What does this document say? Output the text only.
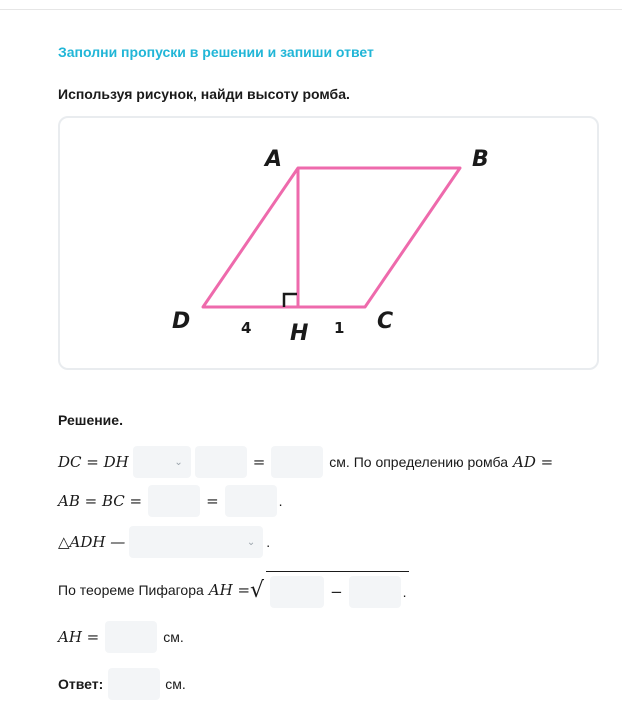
Заполни пропуски в решении и запиши ответ
Используя рисунок, найди высоту ромба.
A	B
D	H	C
4	1
Решение.
DC = DH	⌄	=	см. По определению ромба AD =
AB = BC =	=	.
△ADH —	⌄ .
По теореме Пифагора AH = √	−	.
AH =	см.
Ответ:	см.
